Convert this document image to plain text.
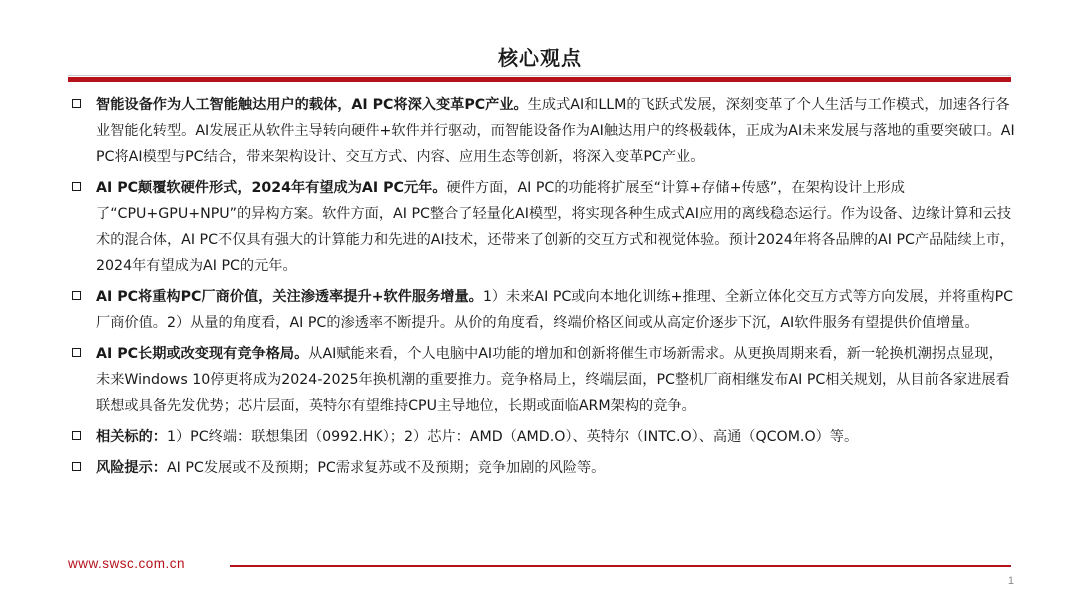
核心观点
智能设备作为人工智能触达用户的载体，AI PC将深入变革PC产业。生成式AI和LLM的飞跃式发展，深刻变革了个人生活与工作模式，加速各行各业智能化转型。AI发展正从软件主导转向硬件+软件并行驱动，而智能设备作为AI触达用户的终极载体，正成为AI未来发展与落地的重要突破口。AI PC将AI模型与PC结合，带来架构设计、交互方式、内容、应用生态等创新，将深入变革PC产业。
AI PC颠覆软硬件形式，2024年有望成为AI PC元年。硬件方面，AI PC的功能将扩展至“计算+存储+传感”，在架构设计上形成了“CPU+GPU+NPU”的异构方案。软件方面，AI PC整合了轻量化AI模型，将实现各种生成式AI应用的离线稳态运行。作为设备、边缘计算和云技术的混合体，AI PC不仅具有强大的计算能力和先进的AI技术，还带来了创新的交互方式和视觉体验。预计2024年将各品牌的AI PC产品陆续上市，2024年有望成为AI PC的元年。
AI PC将重构PC厂商价值，关注渗透率提升+软件服务增量。1）未来AI PC或向本地化训练+推理、全新立体化交互方式等方向发展，并将重构PC厂商价值。2）从量的角度看，AI PC的渗透率不断提升。从价的角度看，终端价格区间或从高定价逐步下沉，AI软件服务有望提供价值增量。
AI PC长期或改变现有竞争格局。从AI赋能来看，个人电脑中AI功能的增加和创新将催生市场新需求。从更换周期来看，新一轮换机潮拐点显现，未来Windows 10停更将成为2024-2025年换机潮的重要推力。竞争格局上，终端层面，PC整机厂商相继发布AI PC相关规划，从目前各家进展看联想或具备先发优势；芯片层面，英特尔有望维持CPU主导地位，长期或面临ARM架构的竞争。
相关标的：1）PC终端：联想集团（0992.HK）；2）芯片：AMD（AMD.O）、英特尔（INTC.O）、高通（QCOM.O）等。
风险提示：AI PC发展或不及预期；PC需求复苏或不及预期；竞争加剧的风险等。
www.swsc.com.cn
1
